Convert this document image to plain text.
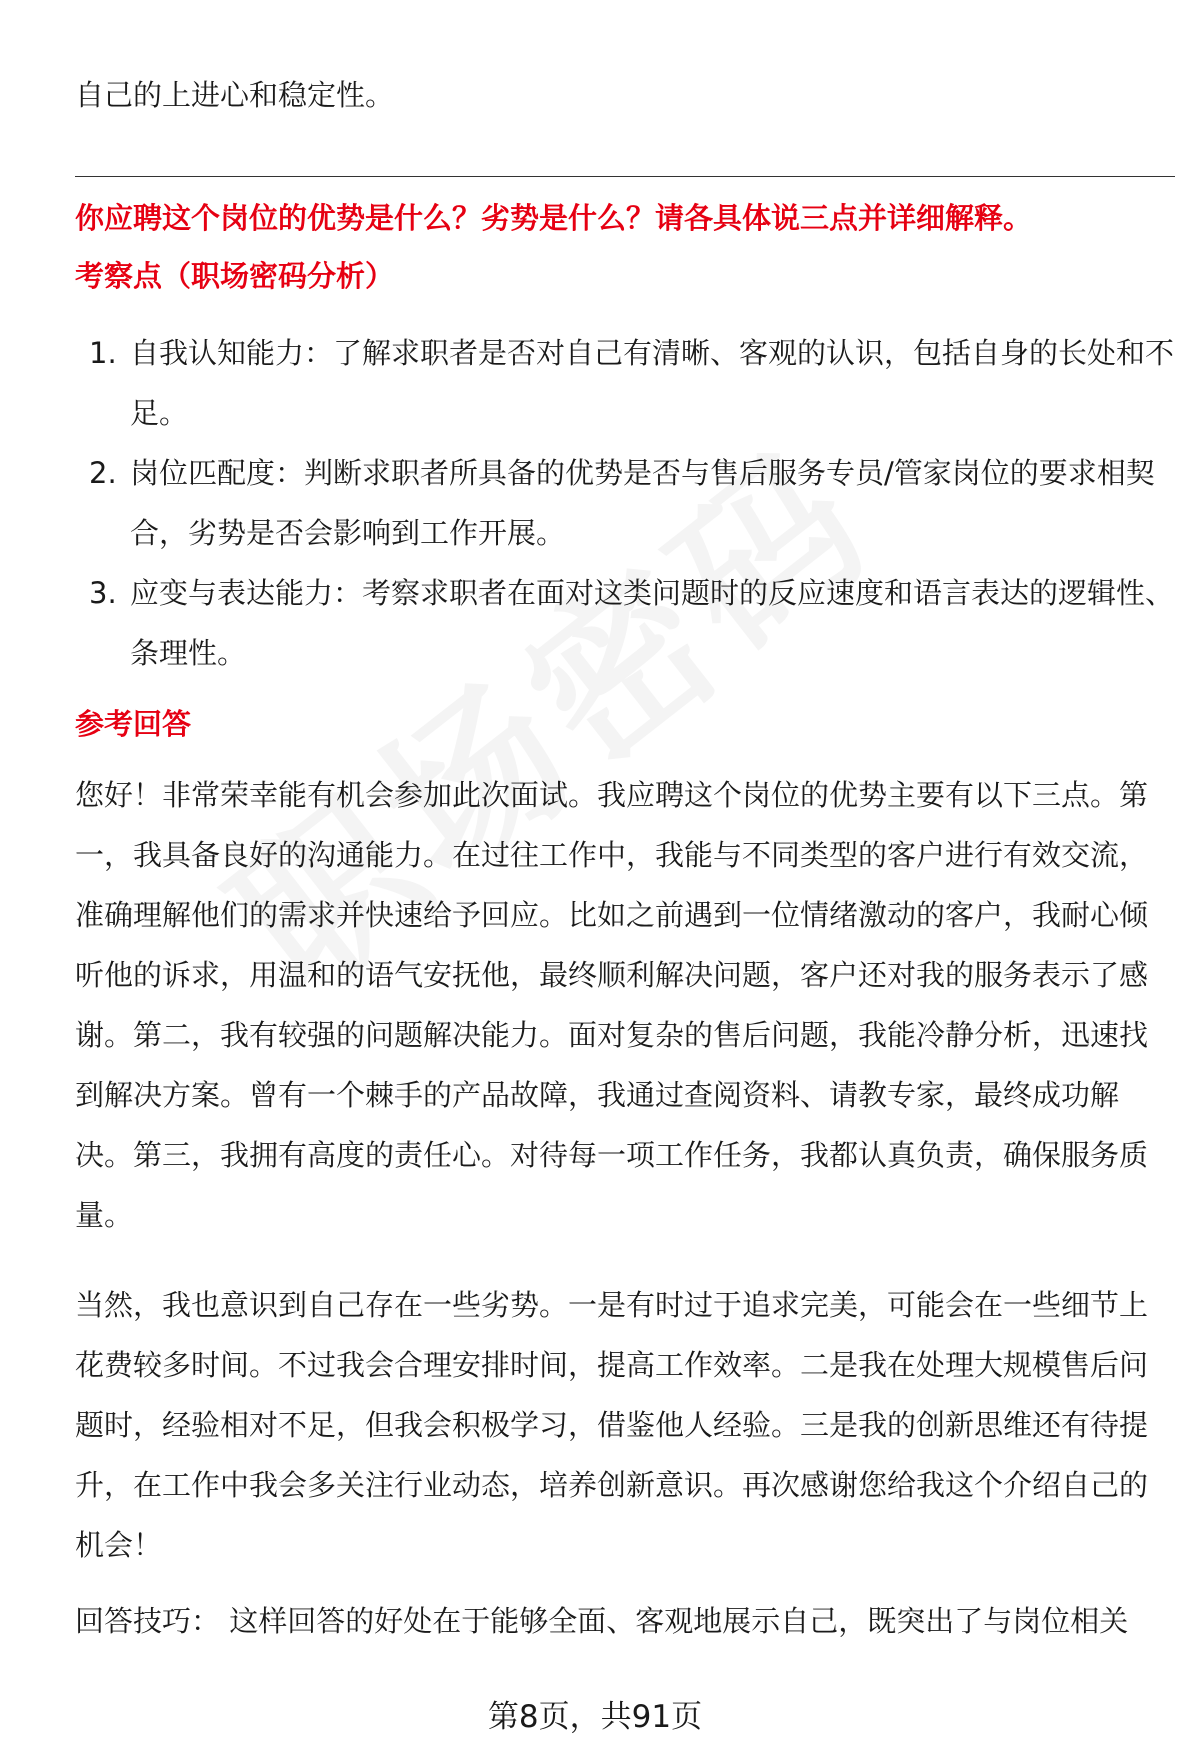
自己的上进心和稳定性。

你应聘这个岗位的优势是什么？劣势是什么？请各具体说三点并详细解释。

考察点（职场密码分析）

1. 自我认知能力：了解求职者是否对自己有清晰、客观的认识，包括自身的长处和不足。
2. 岗位匹配度：判断求职者所具备的优势是否与售后服务专员/管家岗位的要求相契合，劣势是否会影响到工作开展。
3. 应变与表达能力：考察求职者在面对这类问题时的反应速度和语言表达的逻辑性、条理性。

参考回答

您好！非常荣幸能有机会参加此次面试。我应聘这个岗位的优势主要有以下三点。第一，我具备良好的沟通能力。在过往工作中，我能与不同类型的客户进行有效交流，准确理解他们的需求并快速给予回应。比如之前遇到一位情绪激动的客户，我耐心倾听他的诉求，用温和的语气安抚他，最终顺利解决问题，客户还对我的服务表示了感谢。第二，我有较强的问题解决能力。面对复杂的售后问题，我能冷静分析，迅速找到解决方案。曾有一个棘手的产品故障，我通过查阅资料、请教专家，最终成功解决。第三，我拥有高度的责任心。对待每一项工作任务，我都认真负责，确保服务质量。

当然，我也意识到自己存在一些劣势。一是有时过于追求完美，可能会在一些细节上花费较多时间。不过我会合理安排时间，提高工作效率。二是我在处理大规模售后问题时，经验相对不足，但我会积极学习，借鉴他人经验。三是我的创新思维还有待提升，在工作中我会多关注行业动态，培养创新意识。再次感谢您给我这个介绍自己的机会！

回答技巧： 这样回答的好处在于能够全面、客观地展示自己，既突出了与岗位相关

第8页，共91页
